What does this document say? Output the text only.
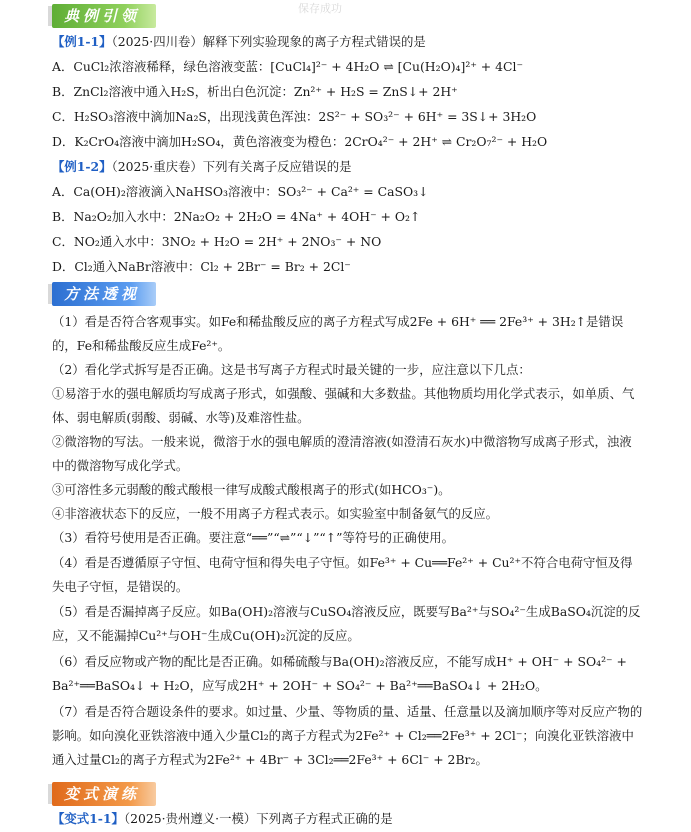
保存成功
典例引领
【例1-1】（2025·四川卷）解释下列实验现象的离子方程式错误的是
A．CuCl₂浓溶液稀释，绿色溶液变蓝：[CuCl₄]²⁻ + 4H₂O ⇌ [Cu(H₂O)₄]²⁺ + 4Cl⁻
B．ZnCl₂溶液中通入H₂S，析出白色沉淀：Zn²⁺ + H₂S = ZnS↓+ 2H⁺
C．H₂SO₃溶液中滴加Na₂S，出现浅黄色浑浊：2S²⁻ + SO₃²⁻ + 6H⁺ = 3S↓+ 3H₂O
D．K₂CrO₄溶液中滴加H₂SO₄，黄色溶液变为橙色：2CrO₄²⁻ + 2H⁺ ⇌ Cr₂O₇²⁻ + H₂O
【例1-2】（2025·重庆卷）下列有关离子反应错误的是
A．Ca(OH)₂溶液滴入NaHSO₃溶液中：SO₃²⁻ + Ca²⁺ = CaSO₃↓
B．Na₂O₂加入水中：2Na₂O₂ + 2H₂O = 4Na⁺ + 4OH⁻ + O₂↑
C．NO₂通入水中：3NO₂ + H₂O = 2H⁺ + 2NO₃⁻ + NO
D．Cl₂通入NaBr溶液中：Cl₂ + 2Br⁻ = Br₂ + 2Cl⁻
方法透视
（1）看是否符合客观事实。如Fe和稀盐酸反应的离子方程式写成2Fe + 6H⁺ ══ 2Fe³⁺ + 3H₂↑是错误的，Fe和稀盐酸反应生成Fe²⁺。
（2）看化学式拆写是否正确。这是书写离子方程式时最关键的一步，应注意以下几点：
①易溶于水的强电解质均写成离子形式，如强酸、强碱和大多数盐。其他物质均用化学式表示，如单质、气体、弱电解质(弱酸、弱碱、水等)及难溶性盐。
②微溶物的写法。一般来说，微溶于水的强电解质的澄清溶液(如澄清石灰水)中微溶物写成离子形式，浊液中的微溶物写成化学式。
③可溶性多元弱酸的酸式酸根一律写成酸式酸根离子的形式(如HCO₃⁻)。
④非溶液状态下的反应，一般不用离子方程式表示。如实验室中制备氨气的反应。
（3）看符号使用是否正确。要注意“══”“⇌”“↓”“↑”等符号的正确使用。
（4）看是否遵循原子守恒、电荷守恒和得失电子守恒。如Fe³⁺ + Cu══Fe²⁺ + Cu²⁺不符合电荷守恒及得失电子守恒，是错误的。
（5）看是否漏掉离子反应。如Ba(OH)₂溶液与CuSO₄溶液反应，既要写Ba²⁺与SO₄²⁻生成BaSO₄沉淀的反应，又不能漏掉Cu²⁺与OH⁻生成Cu(OH)₂沉淀的反应。
（6）看反应物或产物的配比是否正确。如稀硫酸与Ba(OH)₂溶液反应，不能写成H⁺ + OH⁻ + SO₄²⁻ + Ba²⁺══BaSO₄↓ + H₂O，应写成2H⁺ + 2OH⁻ + SO₄²⁻ + Ba²⁺══BaSO₄↓ + 2H₂O。
（7）看是否符合题设条件的要求。如过量、少量、等物质的量、适量、任意量以及滴加顺序等对反应产物的影响。如向溴化亚铁溶液中通入少量Cl₂的离子方程式为2Fe²⁺ + Cl₂══2Fe³⁺ + 2Cl⁻；向溴化亚铁溶液中通入过量Cl₂的离子方程式为2Fe²⁺ + 4Br⁻ + 3Cl₂══2Fe³⁺ + 6Cl⁻ + 2Br₂。
变式演练
【变式1-1】（2025·贵州遵义·一模）下列离子方程式正确的是
